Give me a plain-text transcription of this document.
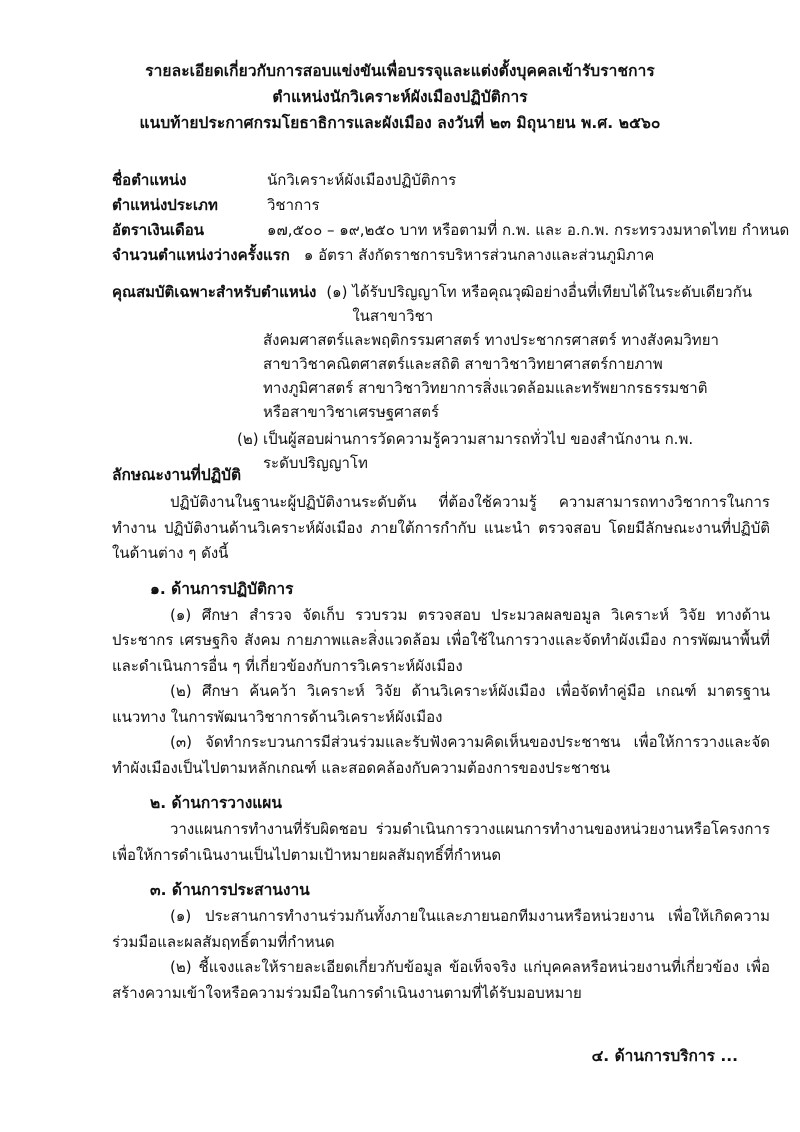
รายละเอียดเกี่ยวกับการสอบแข่งขันเพื่อบรรจุและแต่งตั้งบุคคลเข้ารับราชการ
ตำแหน่งนักวิเคราะห์ผังเมืองปฏิบัติการ
แนบท้ายประกาศกรมโยธาธิการและผังเมือง ลงวันที่ ๒๓ มิถุนายน พ.ศ. ๒๕๖๐
ชื่อตำแหน่ง	นักวิเคราะห์ผังเมืองปฏิบัติการ
ตำแหน่งประเภท	วิชาการ
อัตราเงินเดือน	๑๗,๕๐๐ – ๑๙,๒๕๐ บาท หรือตามที่ ก.พ. และ อ.ก.พ. กระทรวงมหาดไทย กำหนด
จำนวนตำแหน่งว่างครั้งแรก ๑ อัตรา สังกัดราชการบริหารส่วนกลางและส่วนภูมิภาค
คุณสมบัติเฉพาะสำหรับตำแหน่ง (๑) ได้รับปริญญาโท หรือคุณวุฒิอย่างอื่นที่เทียบได้ในระดับเดียวกัน ในสาขาวิชา
สังคมศาสตร์และพฤติกรรมศาสตร์ ทางประชากรศาสตร์ ทางสังคมวิทยา
สาขาวิชาคณิตศาสตร์และสถิติ สาขาวิชาวิทยาศาสตร์กายภาพ
ทางภูมิศาสตร์ สาขาวิชาวิทยาการสิ่งแวดล้อมและทรัพยากรธรรมชาติ
หรือสาขาวิชาเศรษฐศาสตร์
(๒) เป็นผู้สอบผ่านการวัดความรู้ความสามารถทั่วไป ของสำนักงาน ก.พ.
ระดับปริญญาโท
ลักษณะงานที่ปฏิบัติ

ปฏิบัติงานในฐานะผู้ปฏิบัติงานระดับต้น ที่ต้องใช้ความรู้ ความสามารถทางวิชาการในการทำงาน ปฏิบัติงานด้านวิเคราะห์ผังเมือง ภายใต้การกำกับ แนะนำ ตรวจสอบ โดยมีลักษณะงานที่ปฏิบัติในด้านต่าง ๆ ดังนี้

๑. ด้านการปฏิบัติการ

(๑) ศึกษา สำรวจ จัดเก็บ รวบรวม ตรวจสอบ ประมวลผลขอมูล วิเคราะห์ วิจัย ทางด้านประชากร เศรษฐกิจ สังคม กายภาพและสิ่งแวดล้อม เพื่อใช้ในการวางและจัดทำผังเมือง การพัฒนาพื้นที่ และดำเนินการอื่น ๆ ที่เกี่ยวข้องกับการวิเคราะห์ผังเมือง

(๒) ศึกษา ค้นคว้า วิเคราะห์ วิจัย ด้านวิเคราะห์ผังเมือง เพื่อจัดทำคู่มือ เกณฑ์ มาตรฐาน แนวทาง ในการพัฒนาวิชาการด้านวิเคราะห์ผังเมือง

(๓) จัดทำกระบวนการมีส่วนร่วมและรับฟังความคิดเห็นของประชาชน เพื่อให้การวางและจัดทำผังเมืองเป็นไปตามหลักเกณฑ์ และสอดคล้องกับความต้องการของประชาชน

๒. ด้านการวางแผน

วางแผนการทำงานที่รับผิดชอบ ร่วมดำเนินการวางแผนการทำงานของหน่วยงานหรือโครงการ เพื่อให้การดำเนินงานเป็นไปตามเป้าหมายผลสัมฤทธิ์ที่กำหนด

๓. ด้านการประสานงาน

(๑) ประสานการทำงานร่วมกันทั้งภายในและภายนอกทีมงานหรือหน่วยงาน เพื่อให้เกิดความร่วมมือและผลสัมฤทธิ์ตามที่กำหนด

(๒) ชี้แจงและให้รายละเอียดเกี่ยวกับข้อมูล ข้อเท็จจริง แก่บุคคลหรือหน่วยงานที่เกี่ยวข้อง เพื่อสร้างความเข้าใจหรือความร่วมมือในการดำเนินงานตามที่ได้รับมอบหมาย

๔. ด้านการบริการ ...
